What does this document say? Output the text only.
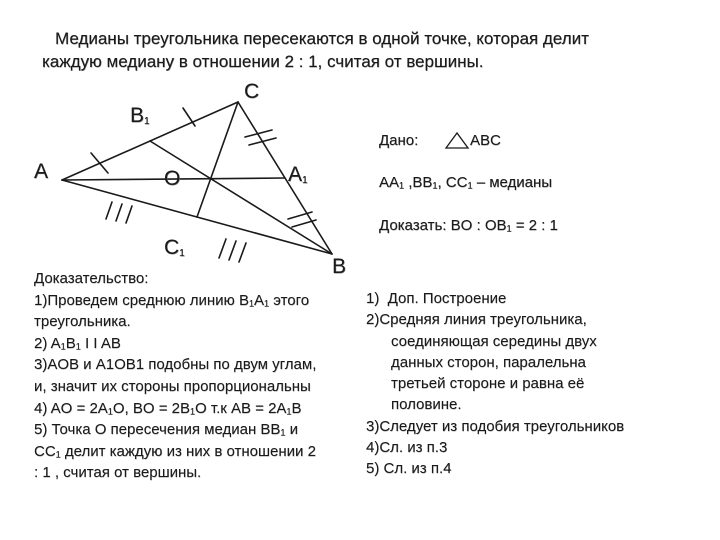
Медианы треугольника пересекаются в одной точке, которая делит
каждую медиану в отношении 2 : 1, считая от вершины.
A
C
B
O
$B_1$
$A_1$
$C_1$
Дано:	ABC
AA₁ ,BB₁, CC₁ – медианы
Доказать: BO : OB₁ = 2 : 1
Доказательство:
1)Проведем среднюю линию B₁A₁ этого
треугольника.
2) A₁B₁ I I AB
3)AOB и A1OB1 подобны по двум углам,
и, значит их стороны пропорциональны
4) AO = 2A₁O, BO = 2B₁O т.к AB = 2A₁B
5) Точка O пересечения медиан BB₁ и
CC₁ делит каждую из них в отношении 2
: 1 , считая от вершины.
1)  Доп. Построение
2)Средняя линия треугольника,
соединяющая середины двух
данных сторон, паралельна
третьей стороне и равна её
половине.
3)Следует из подобия треугольников
4)Сл. из п.3
5) Сл. из п.4
